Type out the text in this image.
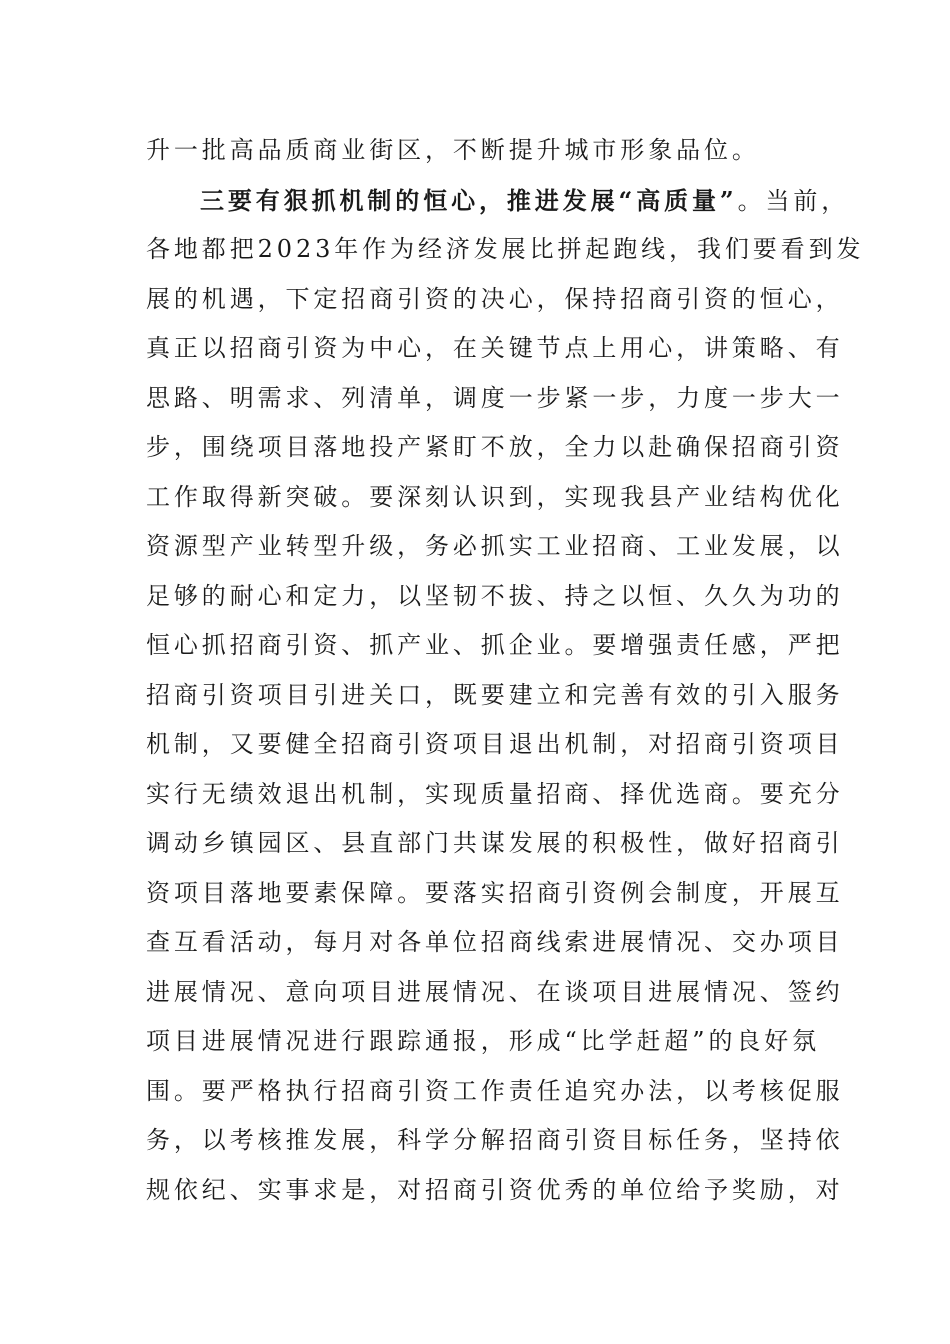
升一批高品质商业街区，不断提升城市形象品位。
三要有狠抓机制的恒心，推进发展“高质量”。当前，
各地都把2023年作为经济发展比拼起跑线，我们要看到发
展的机遇，下定招商引资的决心，保持招商引资的恒心，
真正以招商引资为中心，在关键节点上用心，讲策略、有
思路、明需求、列清单，调度一步紧一步，力度一步大一
步，围绕项目落地投产紧盯不放，全力以赴确保招商引资
工作取得新突破。要深刻认识到，实现我县产业结构优化
资源型产业转型升级，务必抓实工业招商、工业发展，以
足够的耐心和定力，以坚韧不拔、持之以恒、久久为功的
恒心抓招商引资、抓产业、抓企业。要增强责任感，严把
招商引资项目引进关口，既要建立和完善有效的引入服务
机制，又要健全招商引资项目退出机制，对招商引资项目
实行无绩效退出机制，实现质量招商、择优选商。要充分
调动乡镇园区、县直部门共谋发展的积极性，做好招商引
资项目落地要素保障。要落实招商引资例会制度，开展互
查互看活动，每月对各单位招商线索进展情况、交办项目
进展情况、意向项目进展情况、在谈项目进展情况、签约
项目进展情况进行跟踪通报，形成“比学赶超”的良好氛
围。要严格执行招商引资工作责任追究办法，以考核促服
务，以考核推发展，科学分解招商引资目标任务，坚持依
规依纪、实事求是，对招商引资优秀的单位给予奖励，对
